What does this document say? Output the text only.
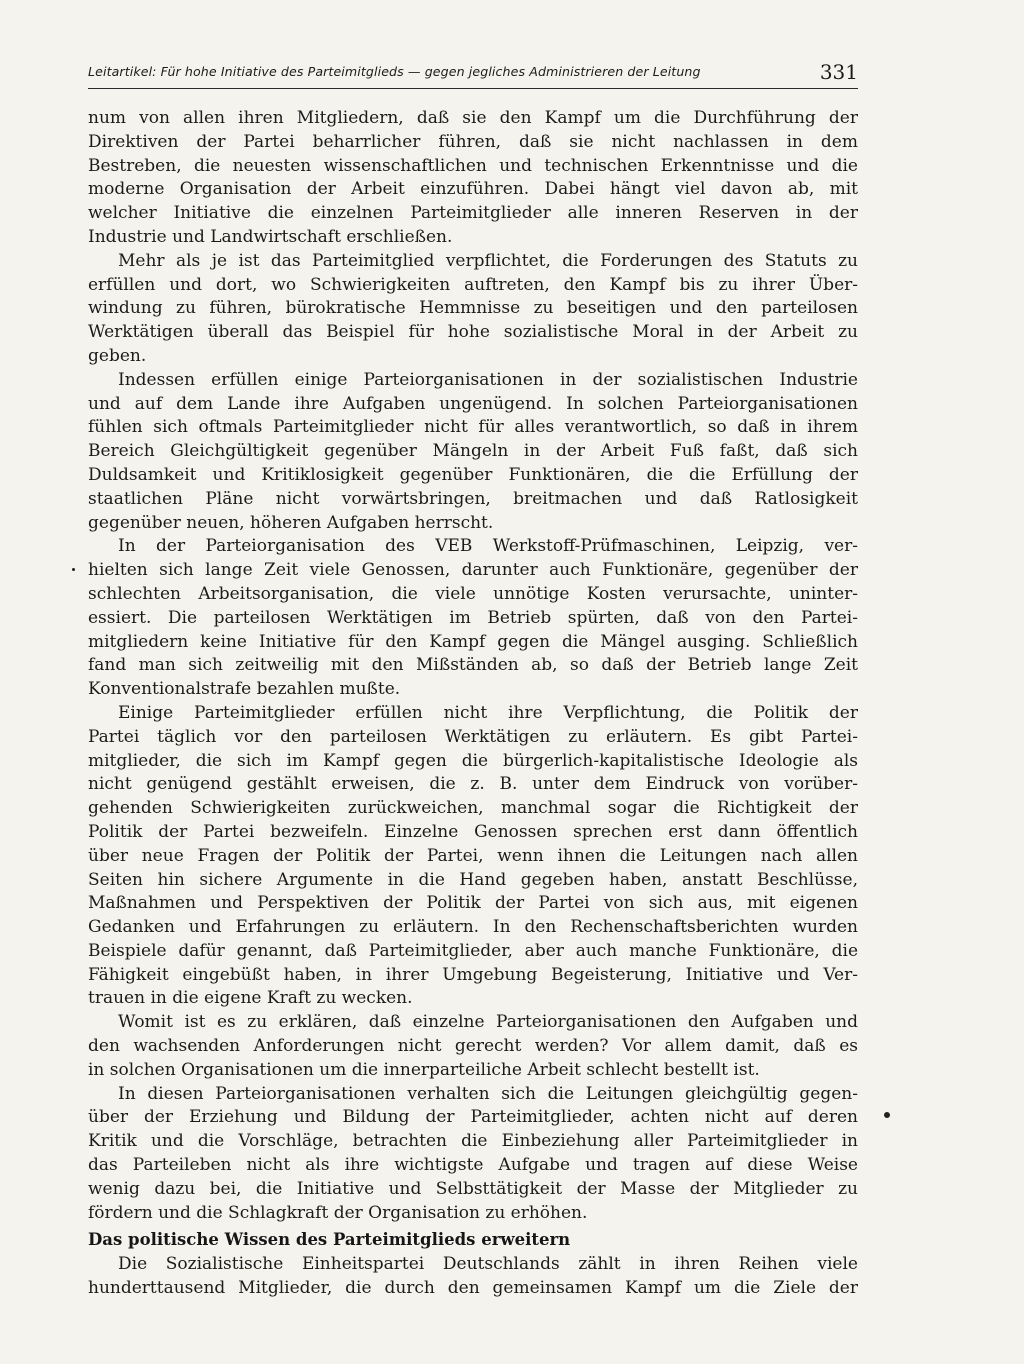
Leitartikel: Für hohe Initiative des Parteimitglieds — gegen jegliches Administrieren der Leitung	331
num von allen ihren Mitgliedern, daß sie den Kampf um die Durchführung der
Direktiven der Partei beharrlicher führen, daß sie nicht nachlassen in dem
Bestreben, die neuesten wissenschaftlichen und technischen Erkenntnisse und die
moderne Organisation der Arbeit einzuführen. Dabei hängt viel davon ab, mit
welcher Initiative die einzelnen Parteimitglieder alle inneren Reserven in der
Industrie und Landwirtschaft erschließen.
Mehr als je ist das Parteimitglied verpflichtet, die Forderungen des Statuts zu
erfüllen und dort, wo Schwierigkeiten auftreten, den Kampf bis zu ihrer Über-
windung zu führen, bürokratische Hemmnisse zu beseitigen und den parteilosen
Werktätigen überall das Beispiel für hohe sozialistische Moral in der Arbeit zu
geben.
Indessen erfüllen einige Parteiorganisationen in der sozialistischen Industrie
und auf dem Lande ihre Aufgaben ungenügend. In solchen Parteiorganisationen
fühlen sich oftmals Parteimitglieder nicht für alles verantwortlich, so daß in ihrem
Bereich Gleichgültigkeit gegenüber Mängeln in der Arbeit Fuß faßt, daß sich
Duldsamkeit und Kritiklosigkeit gegenüber Funktionären, die die Erfüllung der
staatlichen Pläne nicht vorwärtsbringen, breitmachen und daß Ratlosigkeit
gegenüber neuen, höheren Aufgaben herrscht.
In der Parteiorganisation des VEB Werkstoff-Prüfmaschinen, Leipzig, ver-
hielten sich lange Zeit viele Genossen, darunter auch Funktionäre, gegenüber der
schlechten Arbeitsorganisation, die viele unnötige Kosten verursachte, uninter-
essiert. Die parteilosen Werktätigen im Betrieb spürten, daß von den Partei-
mitgliedern keine Initiative für den Kampf gegen die Mängel ausging. Schließlich
fand man sich zeitweilig mit den Mißständen ab, so daß der Betrieb lange Zeit
Konventionalstrafe bezahlen mußte.
Einige Parteimitglieder erfüllen nicht ihre Verpflichtung, die Politik der
Partei täglich vor den parteilosen Werktätigen zu erläutern. Es gibt Partei-
mitglieder, die sich im Kampf gegen die bürgerlich-kapitalistische Ideologie als
nicht genügend gestählt erweisen, die z. B. unter dem Eindruck von vorüber-
gehenden Schwierigkeiten zurückweichen, manchmal sogar die Richtigkeit der
Politik der Partei bezweifeln. Einzelne Genossen sprechen erst dann öffentlich
über neue Fragen der Politik der Partei, wenn ihnen die Leitungen nach allen
Seiten hin sichere Argumente in die Hand gegeben haben, anstatt Beschlüsse,
Maßnahmen und Perspektiven der Politik der Partei von sich aus, mit eigenen
Gedanken und Erfahrungen zu erläutern. In den Rechenschaftsberichten wurden
Beispiele dafür genannt, daß Parteimitglieder, aber auch manche Funktionäre, die
Fähigkeit eingebüßt haben, in ihrer Umgebung Begeisterung, Initiative und Ver-
trauen in die eigene Kraft zu wecken.
Womit ist es zu erklären, daß einzelne Parteiorganisationen den Aufgaben und
den wachsenden Anforderungen nicht gerecht werden? Vor allem damit, daß es
in solchen Organisationen um die innerparteiliche Arbeit schlecht bestellt ist.
In diesen Parteiorganisationen verhalten sich die Leitungen gleichgültig gegen-
über der Erziehung und Bildung der Parteimitglieder, achten nicht auf deren
Kritik und die Vorschläge, betrachten die Einbeziehung aller Parteimitglieder in
das Parteileben nicht als ihre wichtigste Aufgabe und tragen auf diese Weise
wenig dazu bei, die Initiative und Selbsttätigkeit der Masse der Mitglieder zu
fördern und die Schlagkraft der Organisation zu erhöhen.
Das politische Wissen des Parteimitglieds erweitern
Die Sozialistische Einheitspartei Deutschlands zählt in ihren Reihen viele
hunderttausend Mitglieder, die durch den gemeinsamen Kampf um die Ziele der
